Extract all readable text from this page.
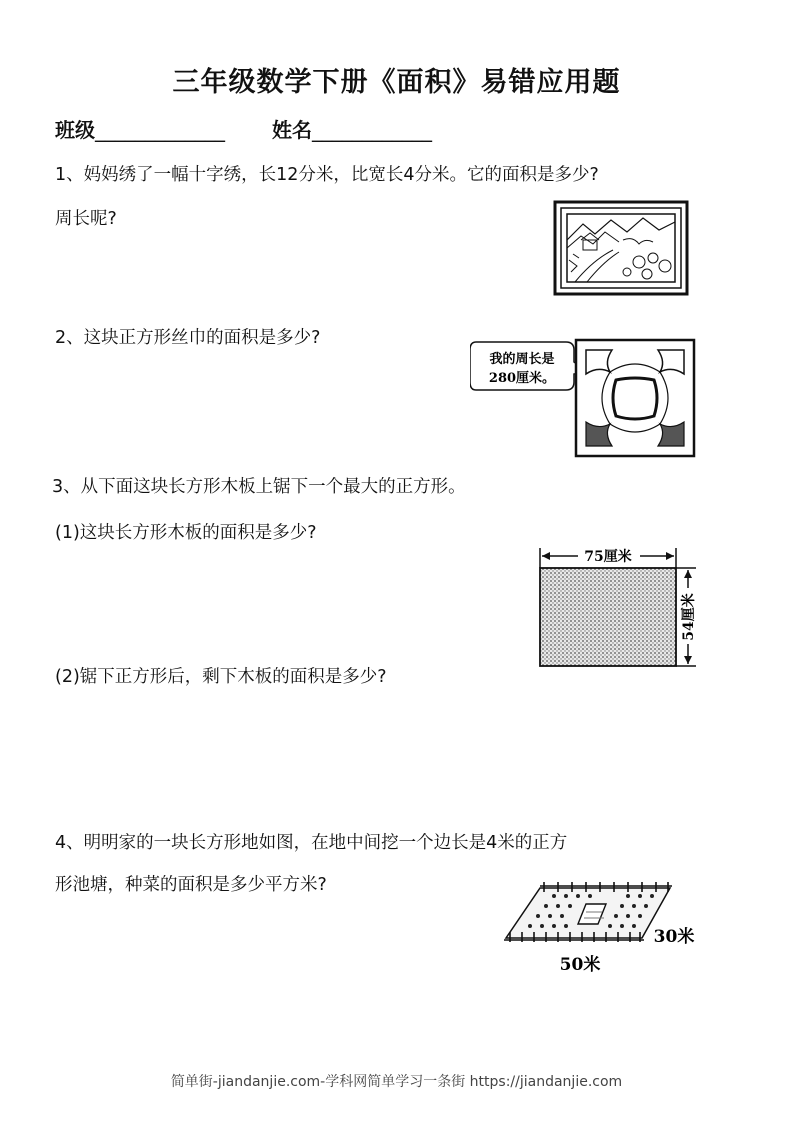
三年级数学下册《面积》易错应用题
班级_____________ 姓名____________
1、妈妈绣了一幅十字绣，长12分米，比宽长4分米。它的面积是多少?
周长呢?
2、这块正方形丝巾的面积是多少?
我的周长是
280厘米。
3、从下面这块长方形木板上锯下一个最大的正方形。
(1)这块长方形木板的面积是多少?
(2)锯下正方形后，剩下木板的面积是多少?
75厘米
54厘米
4、明明家的一块长方形地如图，在地中间挖一个边长是4米的正方
形池塘，种菜的面积是多少平方米?
50米
30米
简单街-jiandanjie.com-学科网简单学习一条街 https://jiandanjie.com
